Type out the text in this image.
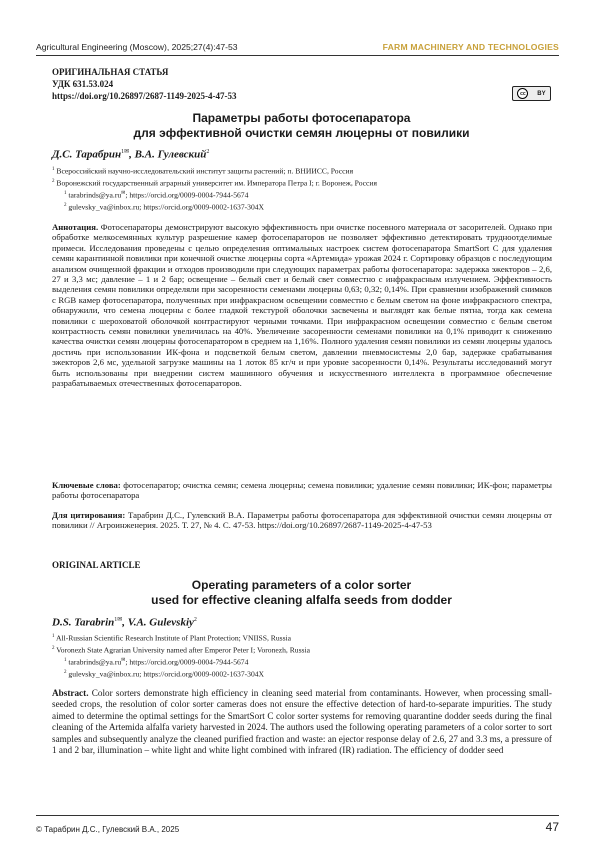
Agricultural Engineering (Moscow), 2025;27(4):47-53	FARM MACHINERY AND TECHNOLOGIES
ОРИГИНАЛЬНАЯ СТАТЬЯ
УДК 631.53.024
https://doi.org/10.26897/2687-1149-2025-4-47-53	cc	BY
Параметры работы фотосепаратора
для эффективной очистки семян люцерны от повилики
Д.С. Тарабрин$^{1✉}$, В.А. Гулевский$^2$
$^1$ Всероссийский научно-исследовательский институт защиты растений; п. ВНИИСС, Россия
$^2$ Воронежский государственный аграрный университет им. Императора Петра I; г. Воронеж, Россия
$^1$ tarabrinds@ya.ru✉; https://orcid.org/0009-0004-7944-5674
$^2$ gulevsky_va@inbox.ru; https://orcid.org/0009-0002-1637-304X
Аннотация. Фотосепараторы демонстрируют высокую эффективность при очистке посевного материала от засорителей. Однако при обработке мелкосемянных культур разрешение камер фотосепараторов не позволяет эффективно детектировать трудноотделимые примеси. Исследования проведены с целью определения оптимальных настроек систем фотосепаратора SmartSort C для удаления семян карантинной повилики при конечной очистке люцерны сорта «Артемида» урожая 2024 г. Сортировку образцов с последующим анализом очищенной фракции и отходов производили при следующих параметрах работы фотосепаратора: задержка эжекторов – 2,6, 27 и 3,3 мс; давление – 1 и 2 бар; освещение – белый свет и белый свет совместно с инфракрасным излучением. Эффективность выделения семян повилики определяли при засоренности семенами люцерны 0,63; 0,32; 0,14%. При сравнении изображений снимков с RGB камер фотосепаратора, полученных при инфракрасном освещении совместно с белым светом на фоне инфракрасного спектра, обнаружили, что семена люцерны с более гладкой текстурой оболочки засвечены и выглядят как белые пятна, тогда как семена повилики с шероховатой оболочкой контрастируют черными точками. При инфракрасном освещении совместно с белым светом контрастность семян повилики увеличилась на 40%. Увеличение засоренности семенами повилики на 0,1% приводит к снижению качества очистки семян люцерны фотосепаратором в среднем на 1,16%. Полного удаления семян повилики из семян люцерны удалось достичь при использовании ИК-фона и подсветкой белым светом, давлении пневмосистемы 2,0 бар, задержке срабатывания эжекторов 2,6 мс, удельной загрузке машины на 1 лоток 85 кг/ч и при уровне засоренности 0,14%. Результаты исследований могут быть использованы при внедрении систем машинного обучения и искусственного интеллекта в программное обеспечение разрабатываемых отечественных фотосепараторов.
Ключевые слова: фотосепаратор; очистка семян; семена люцерны; семена повилики; удаление семян повилики; ИК-фон; параметры работы фотосепаратора
Для цитирования: Тарабрин Д.С., Гулевский В.А. Параметры работы фотосепаратора для эффективной очистки семян люцерны от повилики // Агроинженерия. 2025. Т. 27, № 4. С. 47-53. https://doi.org/10.26897/2687-1149-2025-4-47-53
ORIGINAL ARTICLE
Operating parameters of a color sorter
used for effective cleaning alfalfa seeds from dodder
D.S. Tarabrin$^{1✉}$, V.A. Gulevskiy$^2$
$^1$ All-Russian Scientific Research Institute of Plant Protection; VNIISS, Russia
$^2$ Voronezh State Agrarian University named after Emperor Peter I; Voronezh, Russia
$^1$ tarabrinds@ya.ru✉; https://orcid.org/0009-0004-7944-5674
$^2$ gulevsky_va@inbox.ru; https://orcid.org/0009-0002-1637-304X
Abstract. Color sorters demonstrate high efficiency in cleaning seed material from contaminants. However, when processing small-seeded crops, the resolution of color sorter cameras does not ensure the effective detection of hard-to-separate impurities. The study aimed to determine the optimal settings for the SmartSort C color sorter systems for removing quarantine dodder seeds during the final cleaning of the Artemida alfalfa variety harvested in 2024. The authors used the following operating parameters of a color sorter to sort samples and subsequently analyze the cleaned purified fraction and waste: an ejector response delay of 2.6, 27 and 3.3 ms, a pressure of 1 and 2 bar, illumination – white light and white light combined with infrared (IR) radiation. The efficiency of dodder seed
© Тарабрин Д.С., Гулевский В.А., 2025	47
